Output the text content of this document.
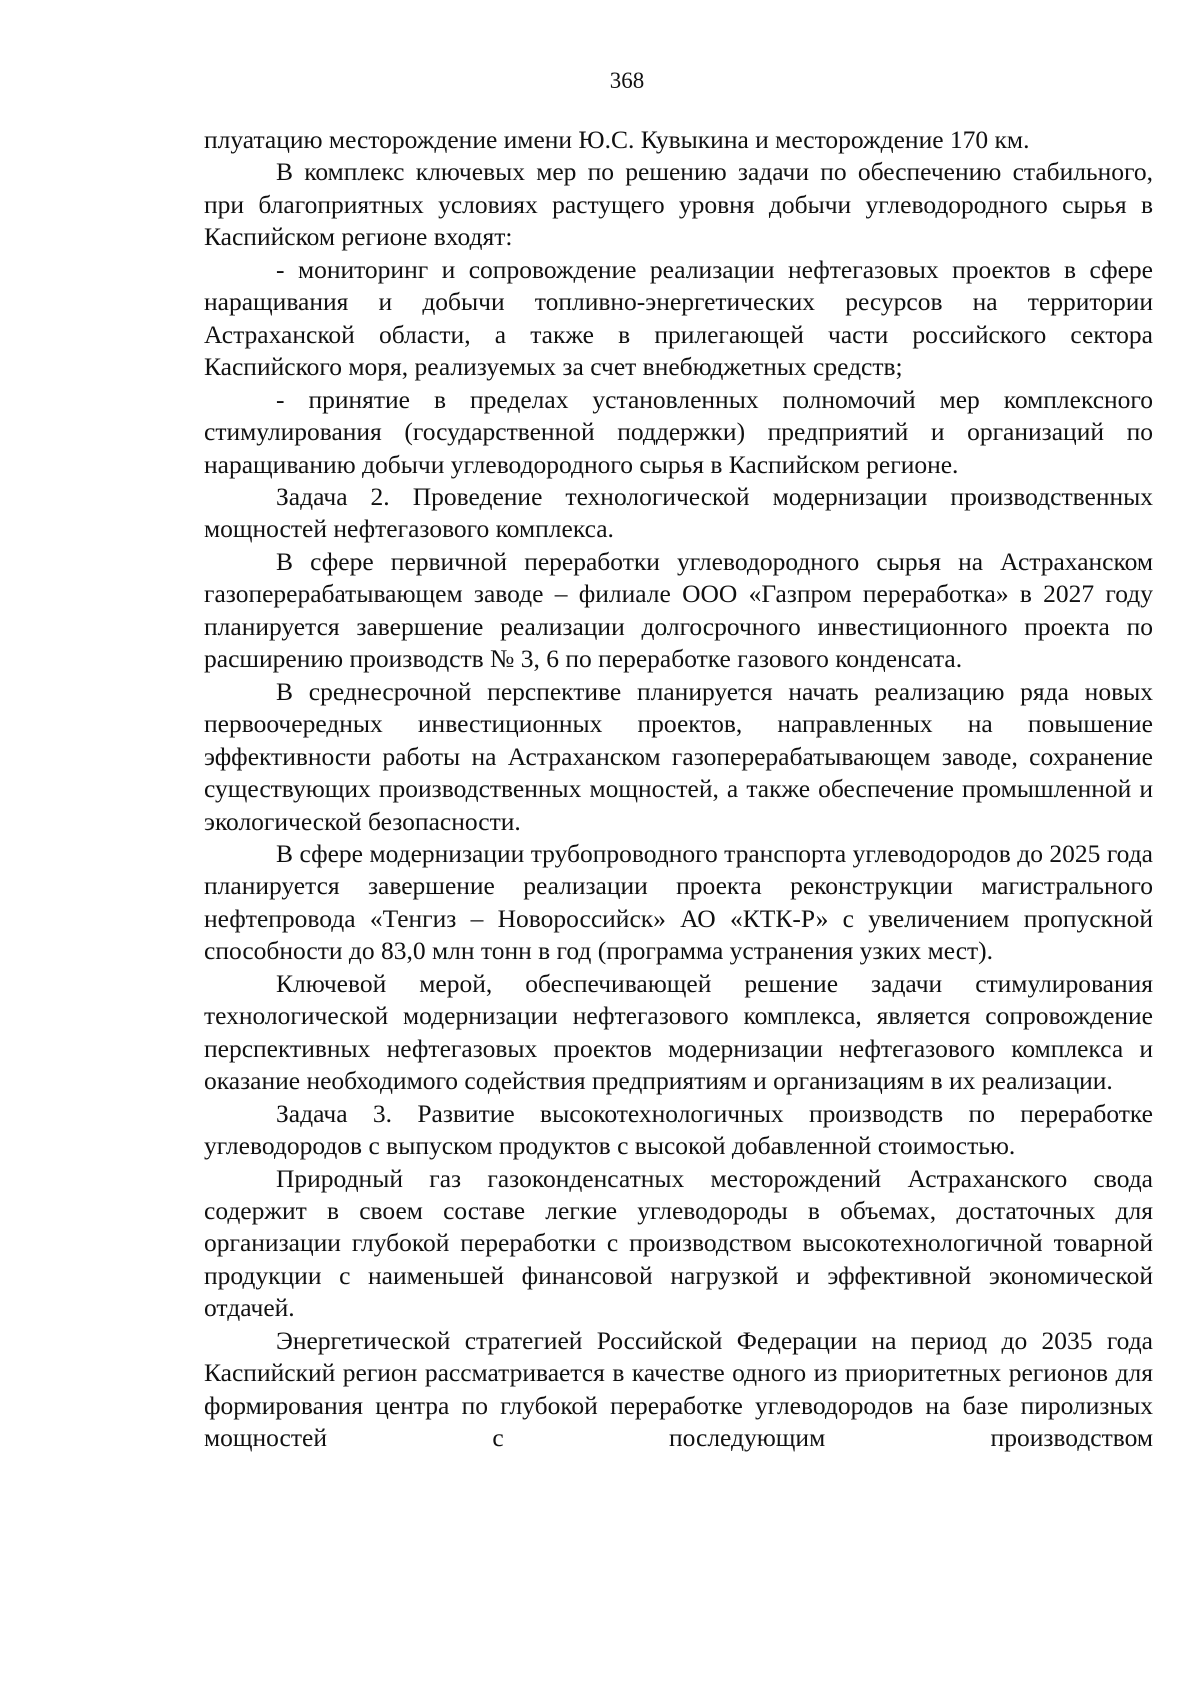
368

плуатацию месторождение имени Ю.С. Кувыкина и месторождение 170 км.

В комплекс ключевых мер по решению задачи по обеспечению стабильного, при благоприятных условиях растущего уровня добычи углеводородного сырья в Каспийском регионе входят:

- мониторинг и сопровождение реализации нефтегазовых проектов в сфере наращивания и добычи топливно-энергетических ресурсов на территории Астраханской области, а также в прилегающей части российского сектора Каспийского моря, реализуемых за счет внебюджетных средств;

- принятие в пределах установленных полномочий мер комплексного стимулирования (государственной поддержки) предприятий и организаций по наращиванию добычи углеводородного сырья в Каспийском регионе.

Задача 2. Проведение технологической модернизации производственных мощностей нефтегазового комплекса.

В сфере первичной переработки углеводородного сырья на Астраханском газоперерабатывающем заводе – филиале ООО «Газпром переработка» в 2027 году планируется завершение реализации долгосрочного инвестиционного проекта по расширению производств № 3, 6 по переработке газового конденсата.

В среднесрочной перспективе планируется начать реализацию ряда новых первоочередных инвестиционных проектов, направленных на повышение эффективности работы на Астраханском газоперерабатывающем заводе, сохранение существующих производственных мощностей, а также обеспечение промышленной и экологической безопасности.

В сфере модернизации трубопроводного транспорта углеводородов до 2025 года планируется завершение реализации проекта реконструкции магистрального нефтепровода «Тенгиз – Новороссийск» АО «КТК-Р» с увеличением пропускной способности до 83,0 млн тонн в год (программа устранения узких мест).

Ключевой мерой, обеспечивающей решение задачи стимулирования технологической модернизации нефтегазового комплекса, является сопровождение перспективных нефтегазовых проектов модернизации нефтегазового комплекса и оказание необходимого содействия предприятиям и организациям в их реализации.

Задача 3. Развитие высокотехнологичных производств по переработке углеводородов с выпуском продуктов с высокой добавленной стоимостью.

Природный газ газоконденсатных месторождений Астраханского свода содержит в своем составе легкие углеводороды в объемах, достаточных для организации глубокой переработки с производством высокотехнологичной товарной продукции с наименьшей финансовой нагрузкой и эффективной экономической отдачей.

Энергетической стратегией Российской Федерации на период до 2035 года Каспийский регион рассматривается в качестве одного из приоритетных регионов для формирования центра по глубокой переработке углеводородов на базе пиролизных мощностей с последующим производством
